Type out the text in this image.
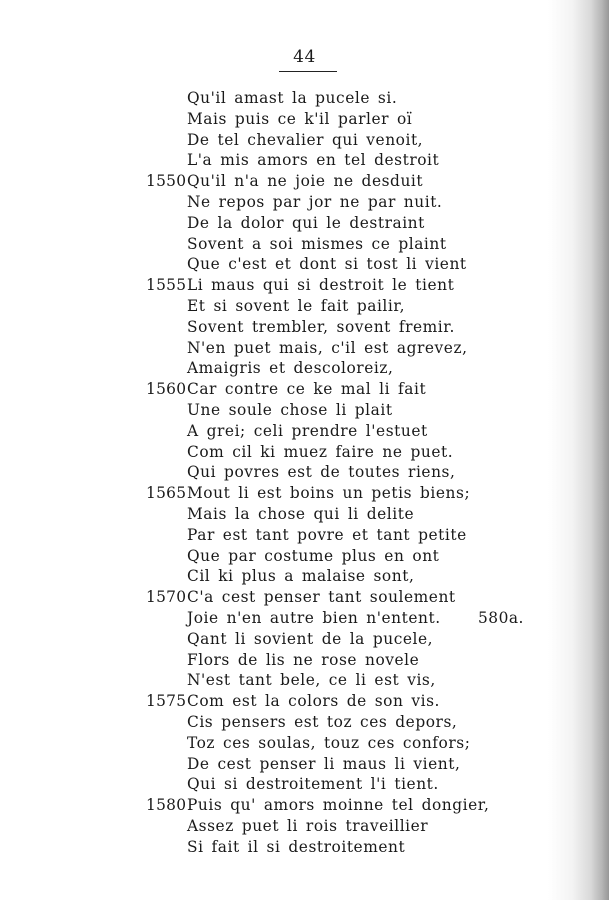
44
Qu'il amast la pucele si.
Mais puis ce k'il parler oï
De tel chevalier qui venoit,
L'a mis amors en tel destroit
1550 Qu'il n'a ne joie ne desduit
Ne repos par jor ne par nuit.
De la dolor qui le destraint
Sovent a soi mismes ce plaint
Que c'est et dont si tost li vient
1555 Li maus qui si destroit le tient
Et si sovent le fait pailir,
Sovent trembler, sovent fremir.
N'en puet mais, c'il est agrevez,
Amaigris et descoloreiz,
1560 Car contre ce ke mal li fait
Une soule chose li plait
A grei; celi prendre l'estuet
Com cil ki muez faire ne puet.
Qui povres est de toutes riens,
1565 Mout li est boins un petis biens;
Mais la chose qui li delite
Par est tant povre et tant petite
Que par costume plus en ont
Cil ki plus a malaise sont,
1570 C'a cest penser tant soulement
Joie n'en autre bien n'entent. 580a.
Qant li sovient de la pucele,
Flors de lis ne rose novele
N'est tant bele, ce li est vis,
1575 Com est la colors de son vis.
Cis pensers est toz ces depors,
Toz ces soulas, touz ces confors;
De cest penser li maus li vient,
Qui si destroitement l'i tient.
1580 Puis qu' amors moinne tel dongier,
Assez puet li rois traveillier
Si fait il si destroitement
